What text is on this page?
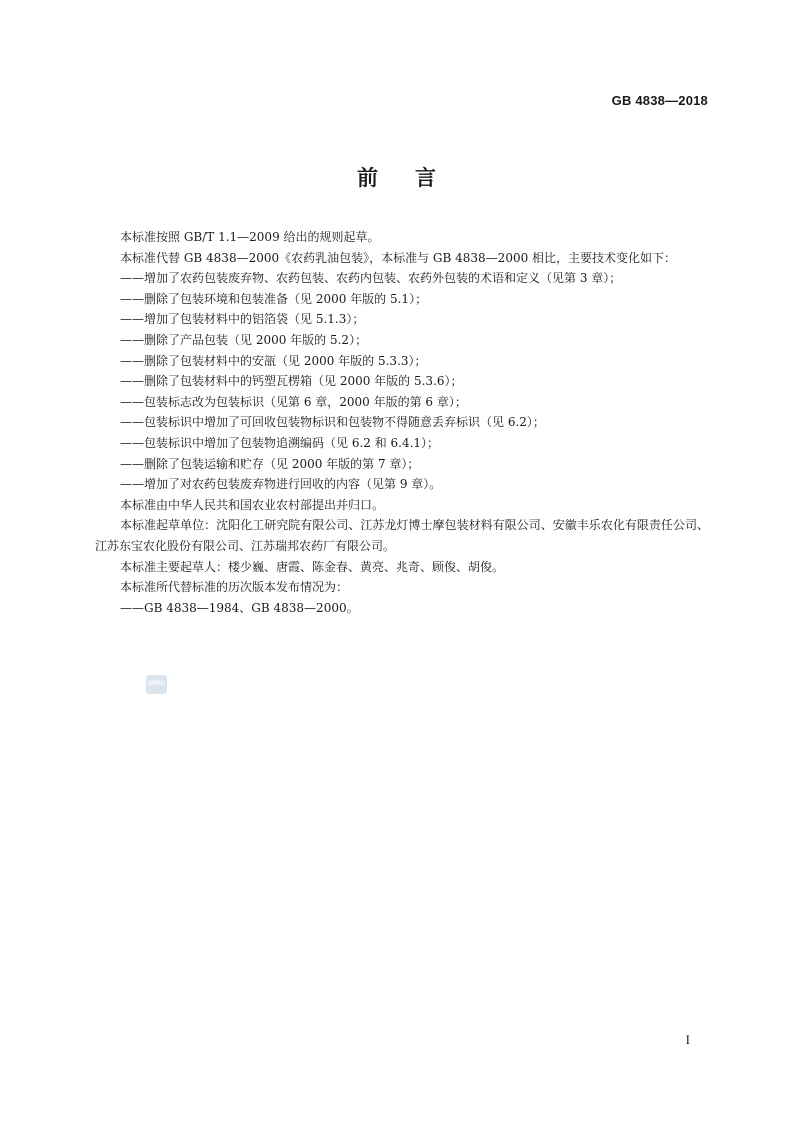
GB 4838—2018
前 言

本标准按照 GB/T 1.1—2009 给出的规则起草。

本标准代替 GB 4838—2000《农药乳油包装》，本标准与 GB 4838—2000 相比，主要技术变化如下：

——增加了农药包装废弃物、农药包装、农药内包装、农药外包装的术语和定义（见第 3 章）；

——删除了包装环境和包装准备（见 2000 年版的 5.1）；

——增加了包装材料中的铝箔袋（见 5.1.3）；

——删除了产品包装（见 2000 年版的 5.2）；

——删除了包装材料中的安瓿（见 2000 年版的 5.3.3）；

——删除了包装材料中的钙塑瓦楞箱（见 2000 年版的 5.3.6）；

——包装标志改为包装标识（见第 6 章，2000 年版的第 6 章）；

——包装标识中增加了可回收包装物标识和包装物不得随意丢弃标识（见 6.2）；

——包装标识中增加了包装物追溯编码（见 6.2 和 6.4.1）；

——删除了包装运输和贮存（见 2000 年版的第 7 章）；

——增加了对农药包装废弃物进行回收的内容（见第 9 章）。

本标准由中华人民共和国农业农村部提出并归口。

本标准起草单位：沈阳化工研究院有限公司、江苏龙灯博士摩包装材料有限公司、安徽丰乐农化有限责任公司、江苏东宝农化股份有限公司、江苏瑞邦农药厂有限公司。

本标准主要起草人：楼少巍、唐霞、陈金春、黄亮、兆奇、顾俊、胡俊。

本标准所代替标准的历次版本发布情况为：

——GB 4838—1984、GB 4838—2000。

SPRC
I
